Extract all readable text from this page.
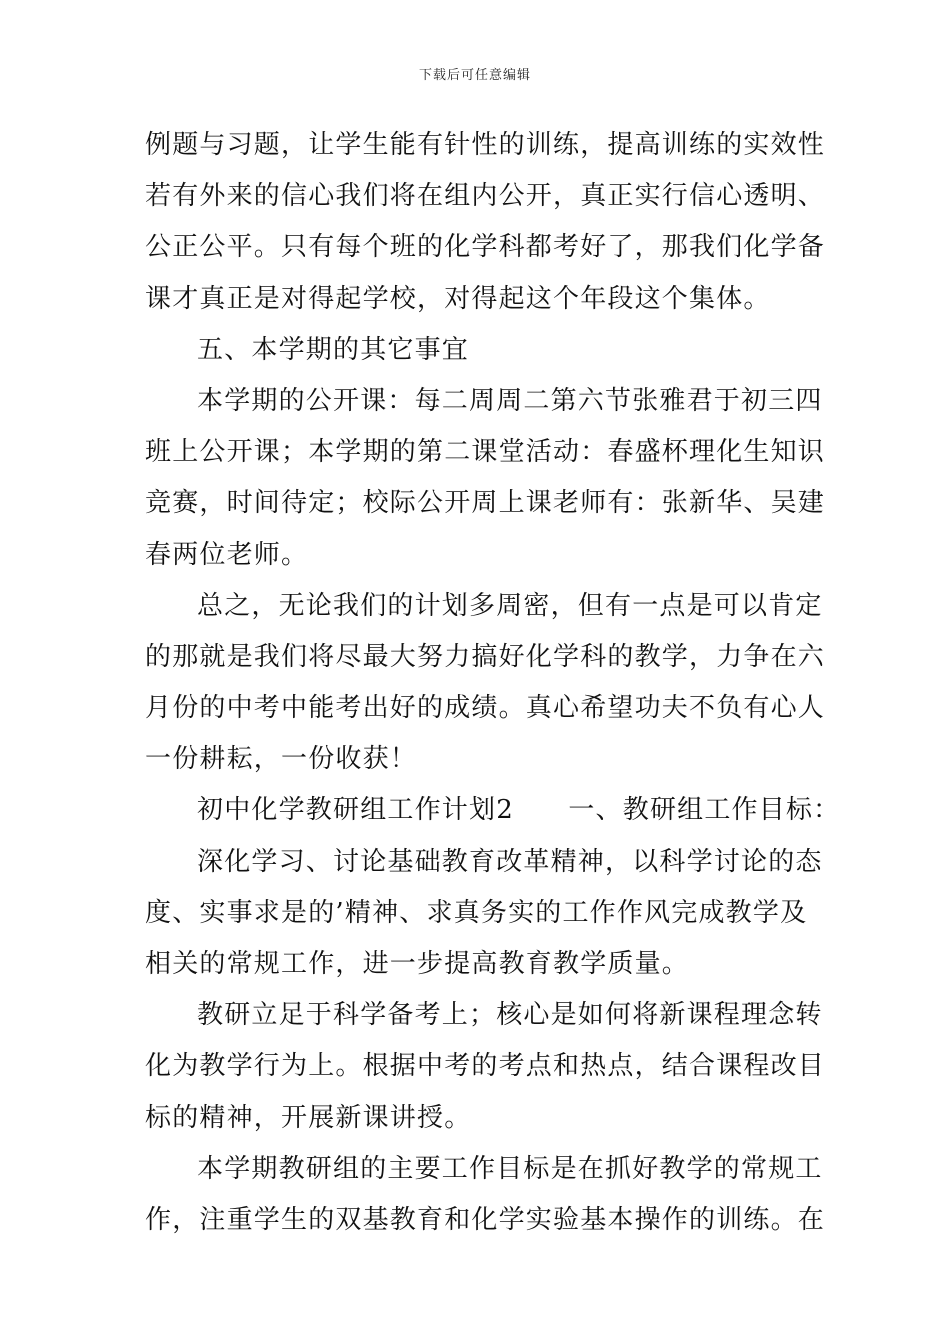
下载后可任意编辑
例题与习题，让学生能有针性的训练，提高训练的实效性
若有外来的信心我们将在组内公开，真正实行信心透明、
公正公平。只有每个班的化学科都考好了，那我们化学备
课才真正是对得起学校，对得起这个年段这个集体。
五、本学期的其它事宜
本学期的公开课：每二周周二第六节张雅君于初三四
班上公开课；本学期的第二课堂活动：春盛杯理化生知识
竞赛，时间待定；校际公开周上课老师有：张新华、吴建
春两位老师。
总之，无论我们的计划多周密，但有一点是可以肯定
的那就是我们将尽最大努力搞好化学科的教学，力争在六
月份的中考中能考出好的成绩。真心希望功夫不负有心人
一份耕耘，一份收获！
初中化学教研组工作计划2　　一、教研组工作目标：
深化学习、讨论基础教育改革精神，以科学讨论的态
度、实事求是的’精神、求真务实的工作作风完成教学及
相关的常规工作，进一步提高教育教学质量。
教研立足于科学备考上；核心是如何将新课程理念转
化为教学行为上。根据中考的考点和热点，结合课程改目
标的精神，开展新课讲授。
本学期教研组的主要工作目标是在抓好教学的常规工
作，注重学生的双基教育和化学实验基本操作的训练。在
